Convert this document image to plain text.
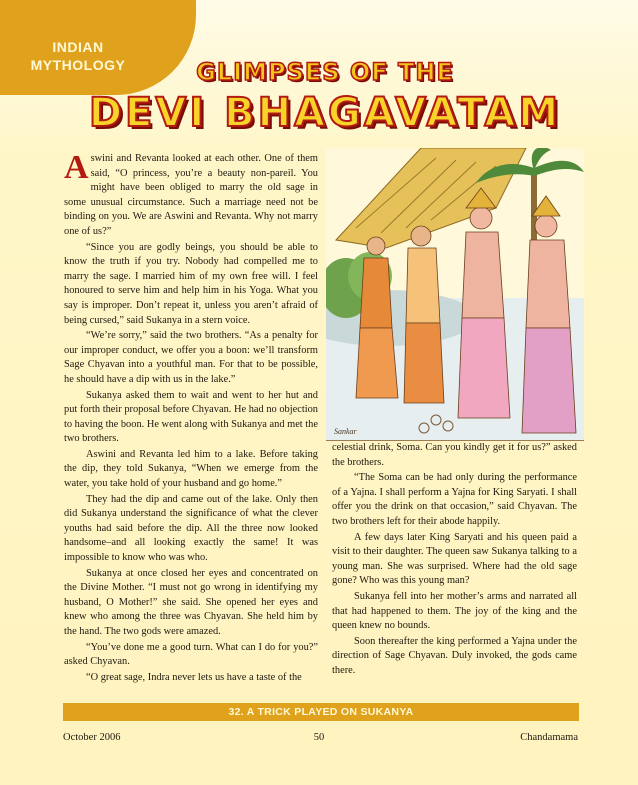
INDIAN
MYTHOLOGY	GLIMPSES OF THE
DEVI BHAGAVATAM
A swini and Revanta looked at each other. One of them said, “O princess, you’re a beauty non-pareil. You might have been obliged to marry the old sage in some unusual circumstance. Such a marriage need not be binding on you. We are Aswini and Revanta. Why not marry one of us?”

“Since you are godly beings, you should be able to know the truth if you try. Nobody had compelled me to marry the sage. I married him of my own free will. I feel honoured to serve him and help him in his Yoga. What you say is improper. Don’t repeat it, unless you aren’t afraid of being cursed,” said Sukanya in a stern voice.

“We’re sorry,” said the two brothers. “As a penalty for our improper conduct, we offer you a boon: we’ll transform Sage Chyavan into a youthful man. For that to be possible, he should have a dip with us in the lake.”

Sukanya asked them to wait and went to her hut and put forth their proposal before Chyavan. He had no objection to having the boon. He went along with Sukanya and met the two brothers.

Aswini and Revanta led him to a lake. Before taking the dip, they told Sukanya, “When we emerge from the water, you take hold of your husband and go home.”

They had the dip and came out of the lake. Only then did Sukanya understand the significance of what the clever youths had said before the dip. All the three now looked handsome–and all looking exactly the same! It was impossible to know who was who.

Sukanya at once closed her eyes and concentrated on the Divine Mother. “I must not go wrong in identifying my husband, O Mother!” she said. She opened her eyes and knew who among the three was Chyavan. She held him by the hand. The two gods were amazed.

“You’ve done me a good turn. What can I do for you?” asked Chyavan.

“O great sage, Indra never lets us have a taste of the

Sankar

celestial drink, Soma. Can you kindly get it for us?” asked the brothers.

“The Soma can be had only during the performance of a Yajna. I shall perform a Yajna for King Saryati. I shall offer you the drink on that occasion,” said Chyavan. The two brothers left for their abode happily.

A few days later King Saryati and his queen paid a visit to their daughter. The queen saw Sukanya talking to a young man. She was surprised. Where had the old sage gone? Who was this young man?

Sukanya fell into her mother’s arms and narrated all that had happened to them. The joy of the king and the queen knew no bounds.

Soon thereafter the king performed a Yajna under the direction of Sage Chyavan. Duly invoked, the gods came there.

32. A TRICK PLAYED ON SUKANYA
October 2006	50	Chandamama
